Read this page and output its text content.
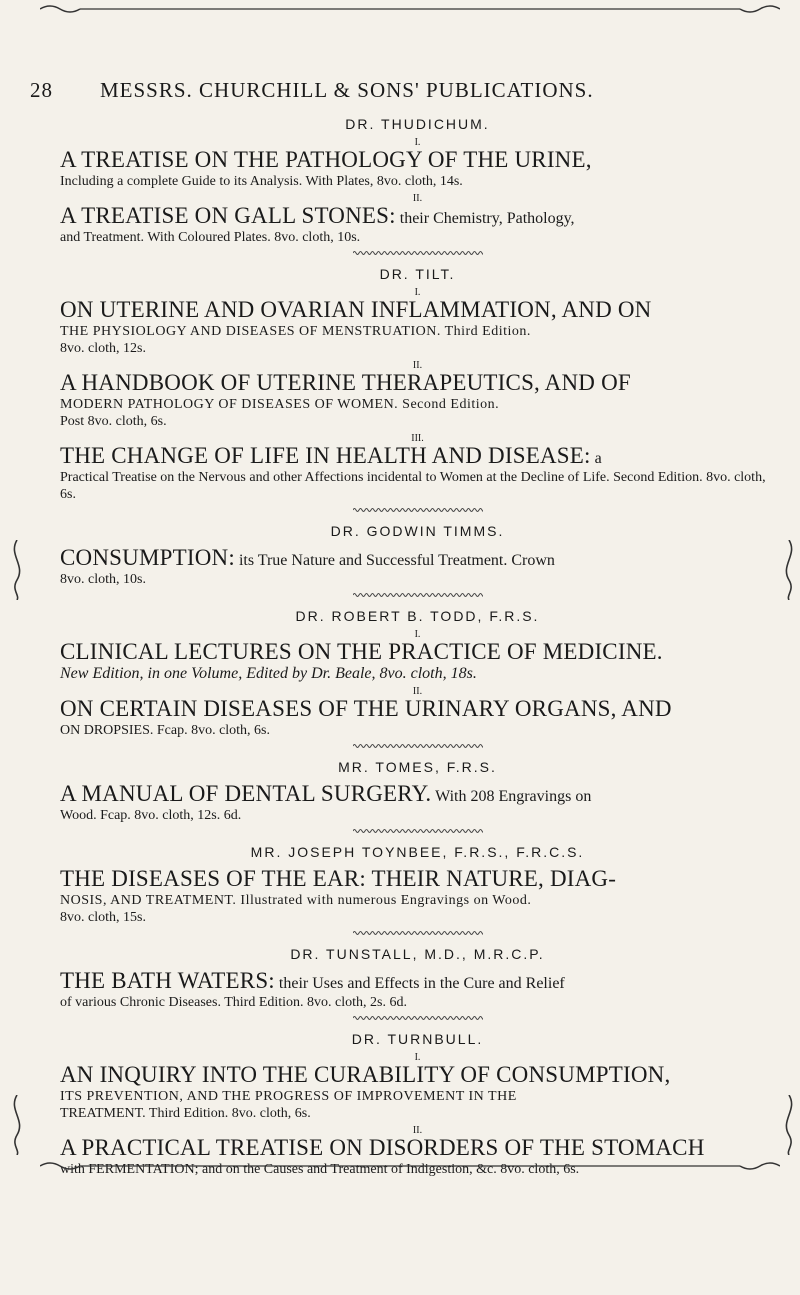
28 MESSRS. CHURCHILL & SONS' PUBLICATIONS.
DR. THUDICHUM.
I.
A TREATISE ON THE PATHOLOGY OF THE URINE,
Including a complete Guide to its Analysis. With Plates, 8vo. cloth, 14s.
II.
A TREATISE ON GALL STONES: their Chemistry, Pathology,
and Treatment. With Coloured Plates. 8vo. cloth, 10s.
DR. TILT.
I.
ON UTERINE AND OVARIAN INFLAMMATION, AND ON
THE PHYSIOLOGY AND DISEASES OF MENSTRUATION. Third Edition.
8vo. cloth, 12s.
II.
A HANDBOOK OF UTERINE THERAPEUTICS, AND OF
MODERN PATHOLOGY OF DISEASES OF WOMEN. Second Edition.
Post 8vo. cloth, 6s.
III.
THE CHANGE OF LIFE IN HEALTH AND DISEASE: a
Practical Treatise on the Nervous and other Affections incidental to Women at the Decline of Life. Second Edition. 8vo. cloth, 6s.
DR. GODWIN TIMMS.
CONSUMPTION: its True Nature and Successful Treatment. Crown
8vo. cloth, 10s.
DR. ROBERT B. TODD, F.R.S.
I.
CLINICAL LECTURES ON THE PRACTICE OF MEDICINE.
New Edition, in one Volume, Edited by Dr. Beale, 8vo. cloth, 18s.
II.
ON CERTAIN DISEASES OF THE URINARY ORGANS, AND
ON DROPSIES. Fcap. 8vo. cloth, 6s.
MR. TOMES, F.R.S.
A MANUAL OF DENTAL SURGERY. With 208 Engravings on
Wood. Fcap. 8vo. cloth, 12s. 6d.
MR. JOSEPH TOYNBEE, F.R.S., F.R.C.S.
THE DISEASES OF THE EAR: THEIR NATURE, DIAG-
NOSIS, AND TREATMENT. Illustrated with numerous Engravings on Wood.
8vo. cloth, 15s.
DR. TUNSTALL, M.D., M.R.C.P.
THE BATH WATERS: their Uses and Effects in the Cure and Relief
of various Chronic Diseases. Third Edition. 8vo. cloth, 2s. 6d.
DR. TURNBULL.
I.
AN INQUIRY INTO THE CURABILITY OF CONSUMPTION,
ITS PREVENTION, AND THE PROGRESS OF IMPROVEMENT IN THE
TREATMENT. Third Edition. 8vo. cloth, 6s.
II.
A PRACTICAL TREATISE ON DISORDERS OF THE STOMACH
with FERMENTATION; and on the Causes and Treatment of Indigestion, &c. 8vo. cloth, 6s.
